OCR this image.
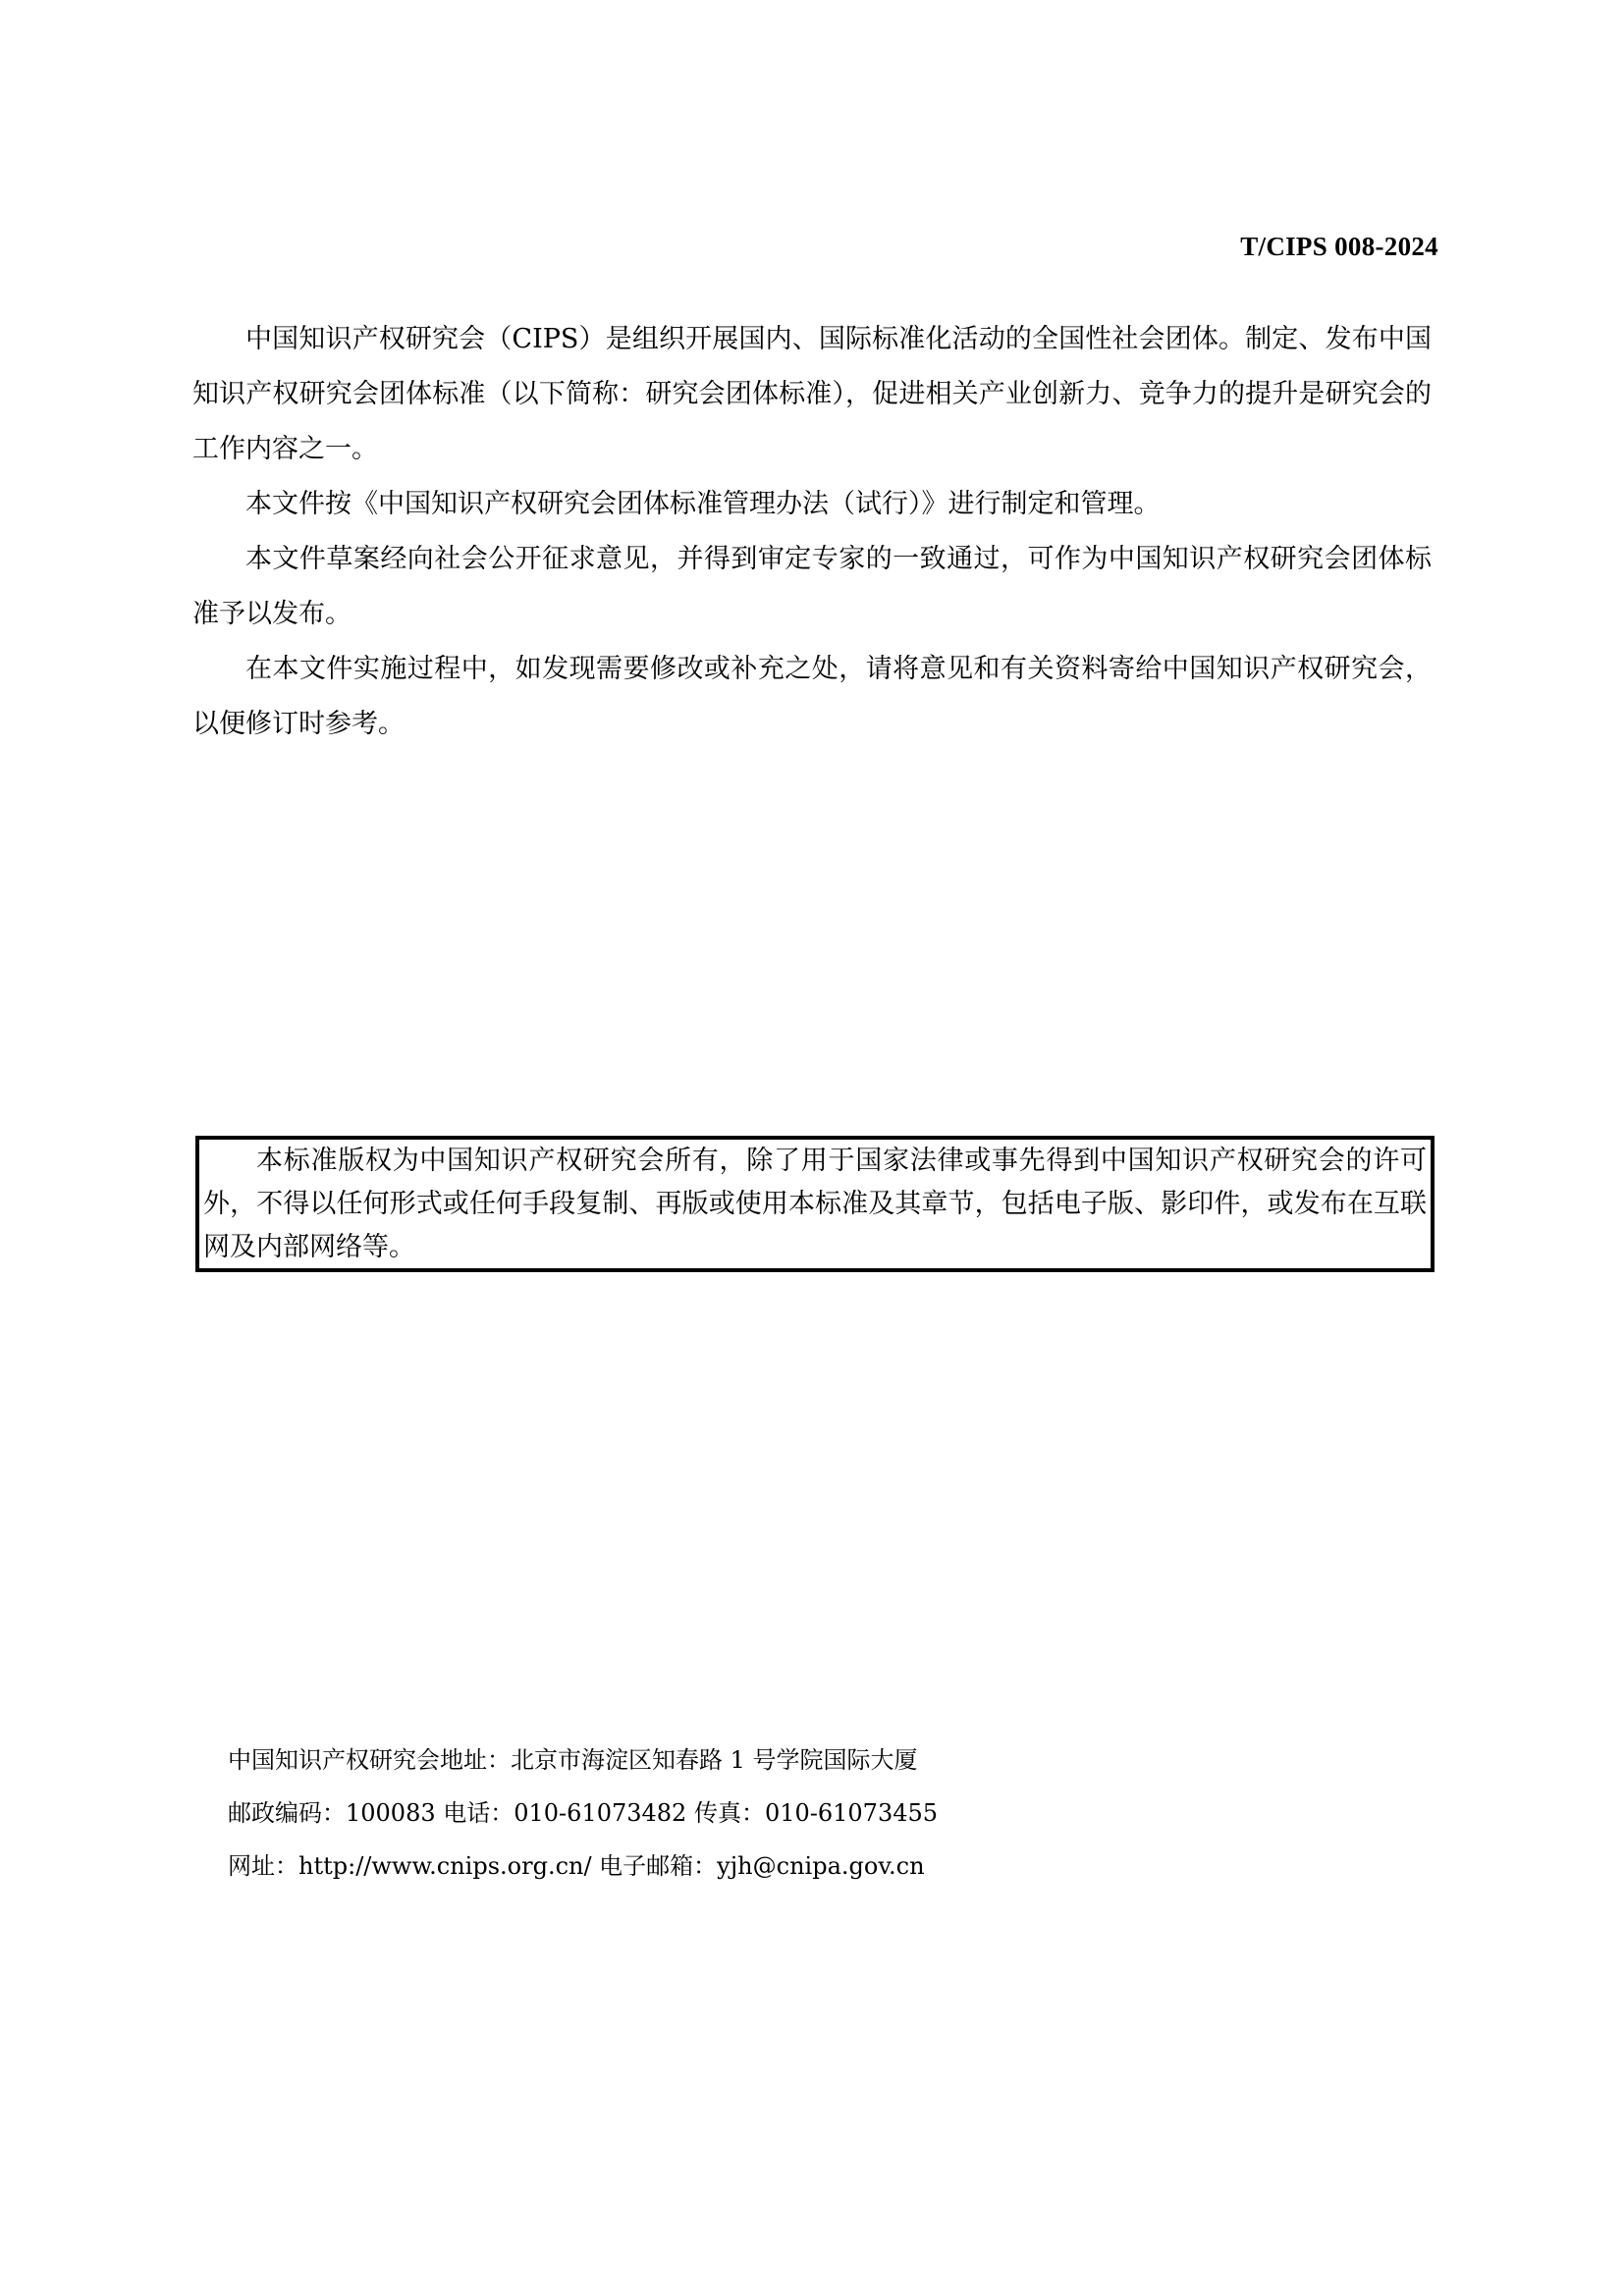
T/CIPS 008-2024

中国知识产权研究会（CIPS）是组织开展国内、国际标准化活动的全国性社会团体。制定、发布中国知识产权研究会团体标准（以下简称：研究会团体标准），促进相关产业创新力、竞争力的提升是研究会的工作内容之一。

本文件按《中国知识产权研究会团体标准管理办法（试行）》进行制定和管理。

本文件草案经向社会公开征求意见，并得到审定专家的一致通过，可作为中国知识产权研究会团体标准予以发布。

在本文件实施过程中，如发现需要修改或补充之处，请将意见和有关资料寄给中国知识产权研究会，以便修订时参考。

本标准版权为中国知识产权研究会所有，除了用于国家法律或事先得到中国知识产权研究会的许可外，不得以任何形式或任何手段复制、再版或使用本标准及其章节，包括电子版、影印件，或发布在互联网及内部网络等。

中国知识产权研究会地址：北京市海淀区知春路 1 号学院国际大厦
邮政编码：100083 电话：010-61073482 传真：010-61073455
网址：http://www.cnips.org.cn/ 电子邮箱：yjh@cnipa.gov.cn
